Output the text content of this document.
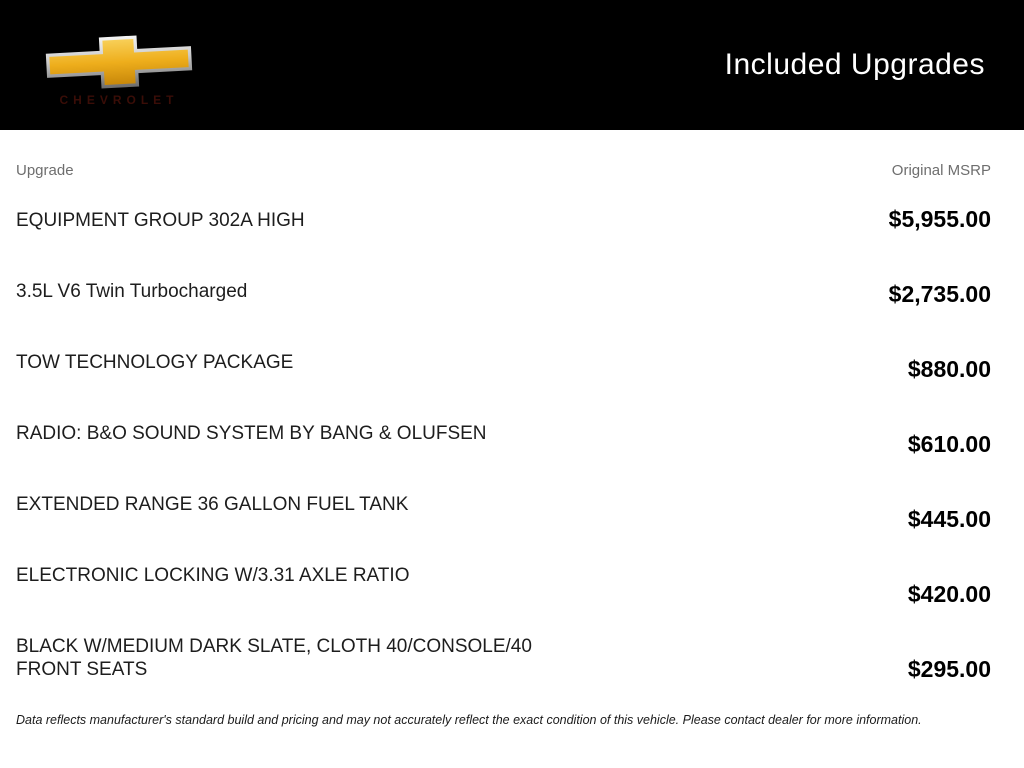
CHEVROLET
Included Upgrades
Upgrade	Original MSRP
EQUIPMENT GROUP 302A HIGH
3.5L V6 Twin Turbocharged
TOW TECHNOLOGY PACKAGE
RADIO: B&O SOUND SYSTEM BY BANG & OLUFSEN
EXTENDED RANGE 36 GALLON FUEL TANK
ELECTRONIC LOCKING W/3.31 AXLE RATIO
BLACK W/MEDIUM DARK SLATE, CLOTH 40/CONSOLE/40 FRONT SEATS
$5,955.00
$2,735.00
$880.00
$610.00
$445.00
$420.00
$295.00
Data reflects manufacturer's standard build and pricing and may not accurately reflect the exact condition of this vehicle. Please contact dealer for more information.
